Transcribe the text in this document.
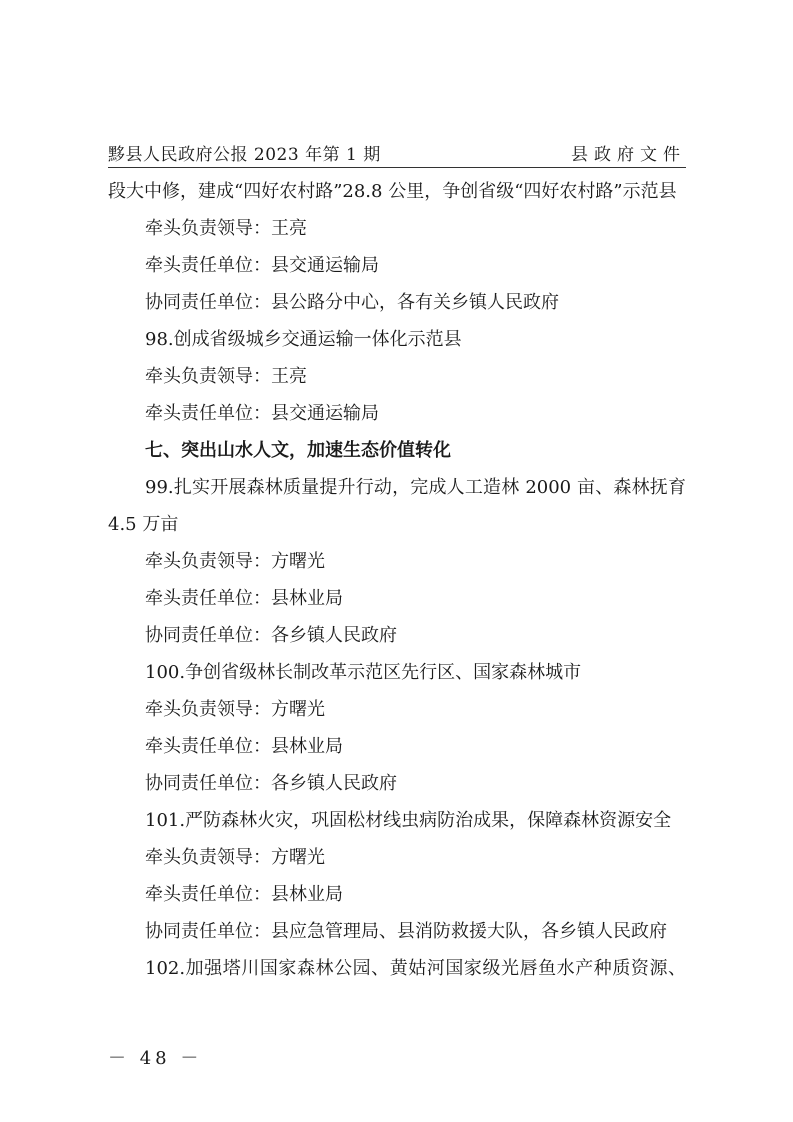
黟县人民政府公报 2023 年第 1 期	县政府文件
段大中修，建成“四好农村路”28.8 公里，争创省级“四好农村路”示范县
牵头负责领导：王亮
牵头责任单位：县交通运输局
协同责任单位：县公路分中心，各有关乡镇人民政府
98.创成省级城乡交通运输一体化示范县
牵头负责领导：王亮
牵头责任单位：县交通运输局
七、突出山水人文，加速生态价值转化
99.扎实开展森林质量提升行动，完成人工造林 2000 亩、森林抚育
4.5 万亩
牵头负责领导：方曙光
牵头责任单位：县林业局
协同责任单位：各乡镇人民政府
100.争创省级林长制改革示范区先行区、国家森林城市
牵头负责领导：方曙光
牵头责任单位：县林业局
协同责任单位：各乡镇人民政府
101.严防森林火灾，巩固松材线虫病防治成果，保障森林资源安全
牵头负责领导：方曙光
牵头责任单位：县林业局
协同责任单位：县应急管理局、县消防救援大队，各乡镇人民政府
102.加强塔川国家森林公园、黄姑河国家级光唇鱼水产种质资源、
－ 48 －
